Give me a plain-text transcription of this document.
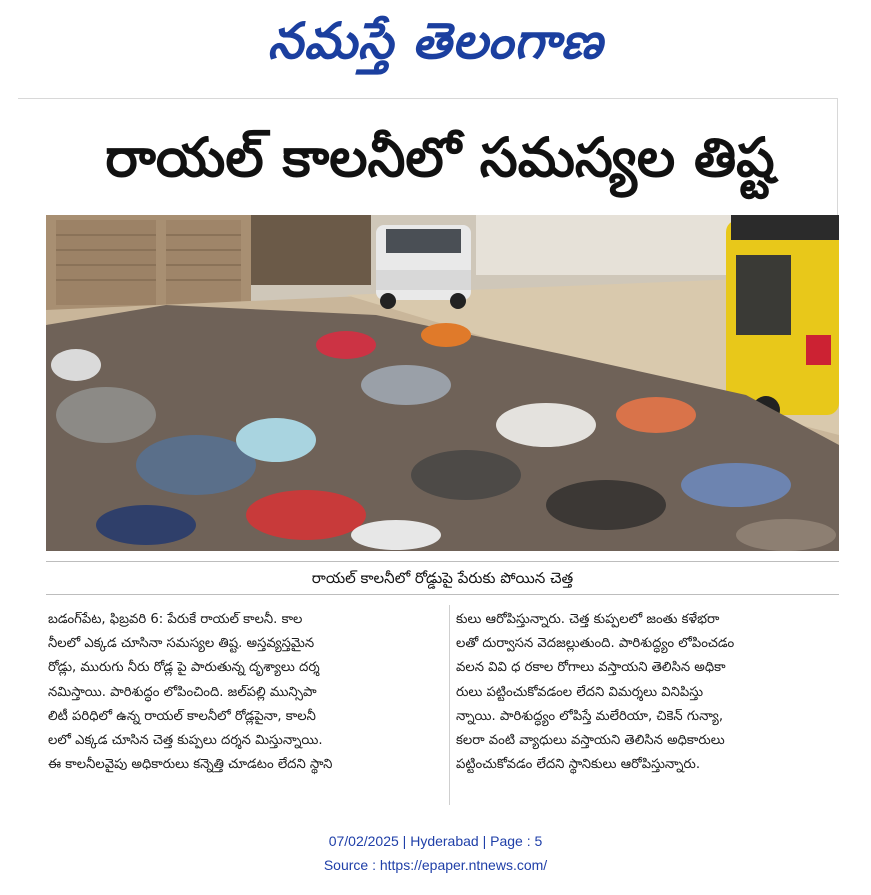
నమస్తే తెలంగాణ
రాయల్ కాలనీలో సమస్యల తిష్ట
రాయల్ కాలనీలో రోడ్డుపై పేరుకు పోయిన చెత్త

బడంగ్‌పేట, ఫిబ్రవరి 6: పేరుకే రాయల్ కాలనీ. కాల

నీలలో ఎక్కడ చూసినా సమస్యల తిష్ట. అస్తవ్యస్తమైన

రోడ్లు, మురుగు నీరు రోడ్ల పై పారుతున్న దృశ్యాలు దర్శ

నమిస్తాయి. పారిశుద్ధం లోపించింది. జల్‌పల్లి మున్సిపా

లిటీ పరిధిలో ఉన్న రాయల్ కాలనీలో రోడ్లపైనా, కాలనీ

లలో ఎక్కడ చూసిన చెత్త కుప్పలు దర్శన మిస్తున్నాయి.

ఈ కాలనీలవైపు అధికారులు కన్నెత్తి చూడటం లేదని స్థాని

కులు ఆరోపిస్తున్నారు. చెత్త కుప్పలలో జంతు కళేభరా

లతో దుర్వాసన వెదజల్లుతుంది. పారిశుద్ధ్యం లోపించడం

వలన వివి ధ రకాల రోగాలు వస్తాయని తెలిసిన అధికా

రులు పట్టించుకోవడంల లేదని విమర్శలు వినిపిస్తు

న్నాయి. పారిశుద్ధ్యం లోపిస్తే మలేరియా, చికెన్ గున్యా,

కలరా వంటి వ్యాధులు వస్తాయని తెలిసిన అధికారులు

పట్టించుకోవడం లేదని స్థానికులు ఆరోపిస్తున్నారు.

07/02/2025 | Hyderabad | Page : 5
Source : https://epaper.ntnews.com/
